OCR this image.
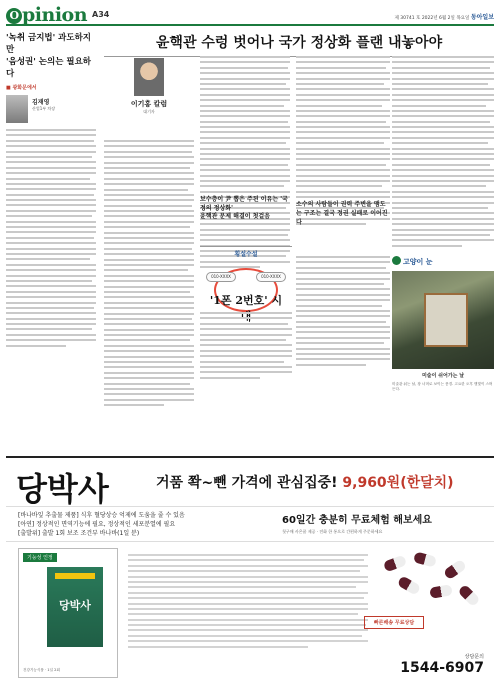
O pinion A34	제 30741 호 2022년 6월 2일 목요일 동아일보
'녹취 금지법' 과도하지만
'음성권' 논의는 필요하다
■ 광화문에서
김재영
산업1부 차장
윤핵관 수렁 벗어나 국가 정상화 플랜 내놓아야
이기홍 칼럼
대기자
보수층이 尹 뽑은 주된 이유는 '국정의 정상화'
윤핵관 문제 해결이 첫걸음
횡설수설
010-XXXX	010-XXXX
'1폰 2번호' 시

소수의 사람들이 권력 주변을 맴도는 구조는 결국 정권 실패로 이어진다

고양이 눈
미술이 쉬어가는 날
미술관 쉬는 날, 창 너머로 보이는 풍경. 고요한 오후 햇빛이 스며든다.
당박사	거품 쫙~뺀 가격에 관심집중! 9,960원(한달치)
[바나바잎 추출물 제품] 식후 혈당상승 억제에 도움을 줄 수 있음
[아연] 정상적인 면역기능에 필요, 정상적인 세포분열에 필요
[출발위] 출발 1회 보조 조건부 바나바(1일 분)
60일간 충분히 무료체험 해보세요
첫구매 사은품 제공 · 전화 한 통으로 간편하게 주문하세요
기능성 인정
당박사
건강기능식품 · 1일 2회
빠른배송 무료상담
상담문의
1544-6907
